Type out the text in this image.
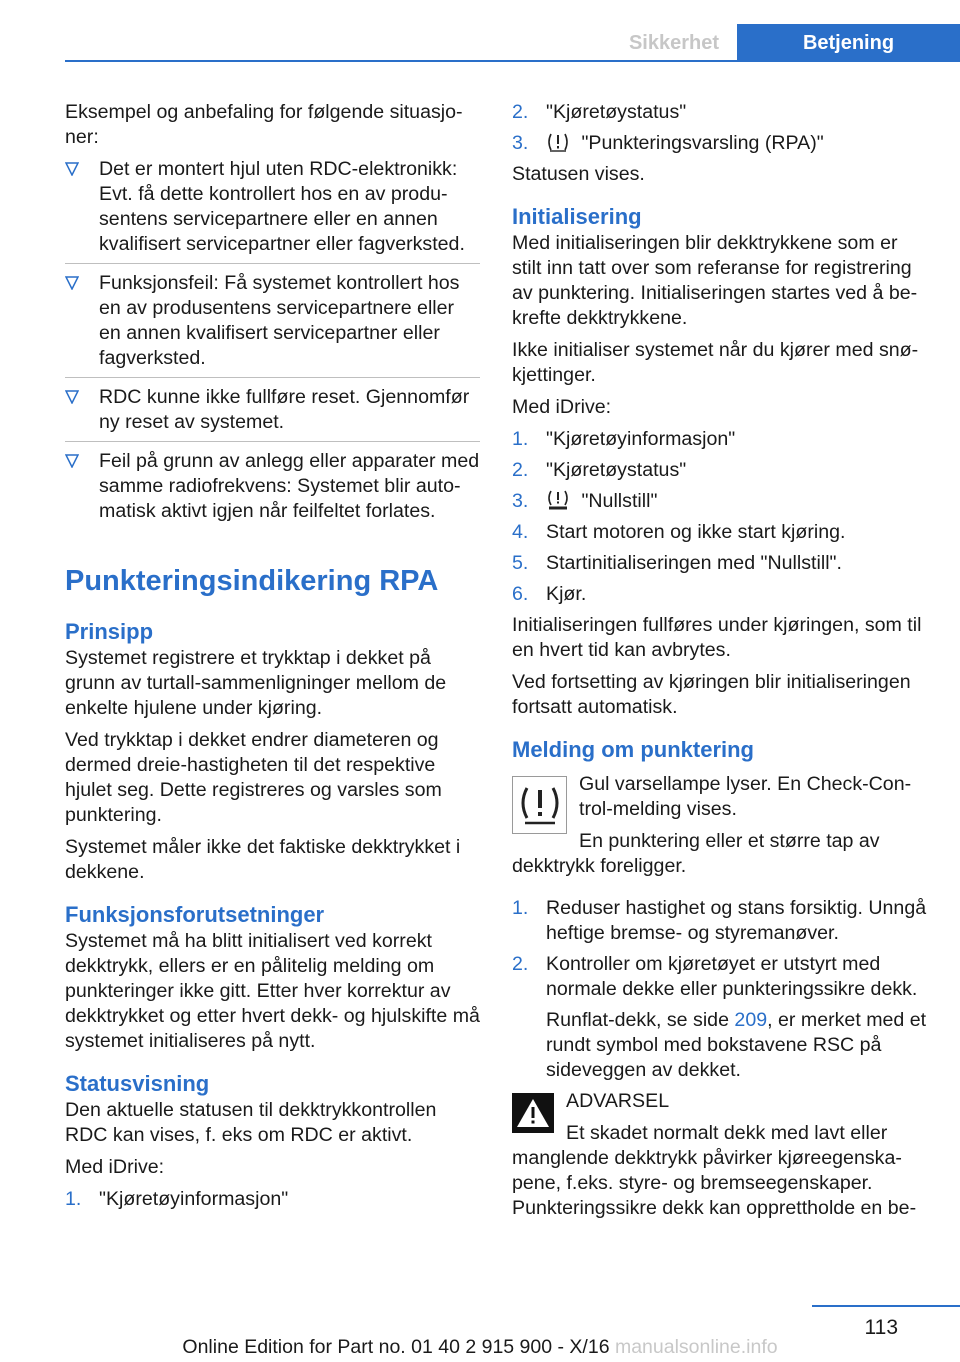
Sikkerhet	Betjening
Eksempel og anbefaling for følgende situasjo-ner:
Det er montert hjul uten RDC-elektronikk: Evt. få dette kontrollert hos en av produ-sentens servicepartnere eller en annen kvalifisert servicepartner eller fagverksted.
Funksjonsfeil: Få systemet kontrollert hos en av produsentens servicepartnere eller en annen kvalifisert servicepartner eller fagverksted.
RDC kunne ikke fullføre reset. Gjennomfør ny reset av systemet.
Feil på grunn av anlegg eller apparater med samme radiofrekvens: Systemet blir auto-matisk aktivt igjen når feilfeltet forlates.
Punkteringsindikering RPA
Prinsipp
Systemet registrere et trykktap i dekket på grunn av turtall-sammenligninger mellom de enkelte hjulene under kjøring.
Ved trykktap i dekket endrer diameteren og dermed dreie-hastigheten til det respektive hjulet seg. Dette registreres og varsles som punktering.
Systemet måler ikke det faktiske dekktrykket i dekkene.
Funksjonsforutsetninger
Systemet må ha blitt initialisert ved korrekt dekktrykk, ellers er en pålitelig melding om punkteringer ikke gitt. Etter hver korrektur av dekktrykket og etter hvert dekk- og hjulskifte må systemet initialiseres på nytt.
Statusvisning
Den aktuelle statusen til dekktrykkontrollen RDC kan vises, f. eks om RDC er aktivt.
Med iDrive:
1. "Kjøretøyinformasjon"
2. "Kjøretøystatus"
3.	"Punkteringsvarsling (RPA)"
Statusen vises.
Initialisering
Med initialiseringen blir dekktrykkene som er stilt inn tatt over som referanse for registrering av punktering. Initialiseringen startes ved å be-krefte dekktrykkene.
Ikke initialiser systemet når du kjører med snø-kjettinger.
Med iDrive:
1. "Kjøretøyinformasjon"
2. "Kjøretøystatus"
3.	"Nullstill"
4. Start motoren og ikke start kjøring.
5. Startinitialiseringen med "Nullstill".
6. Kjør.
Initialiseringen fullføres under kjøringen, som til en hvert tid kan avbrytes.
Ved fortsetting av kjøringen blir initialiseringen fortsatt automatisk.
Melding om punktering
Gul varsellampe lyser. En Check-Con-trol-melding vises.
En punktering eller et større tap av dekktrykk foreligger.
1. Reduser hastighet og stans forsiktig. Unngå heftige bremse- og styremanøver.
2. Kontroller om kjøretøyet er utstyrt med normale dekke eller punkteringssikre dekk.
Runflat-dekk, se side 209, er merket med et rundt symbol med bokstavene RSC på sideveggen av dekket.
ADVARSEL
Et skadet normalt dekk med lavt eller manglende dekktrykk påvirker kjøreegenska-pene, f.eks. styre- og bremseegenskaper. Punkteringssikre dekk kan opprettholde en be-
113
Online Edition for Part no. 01 40 2 915 900 - X/16 manualsonline.info
